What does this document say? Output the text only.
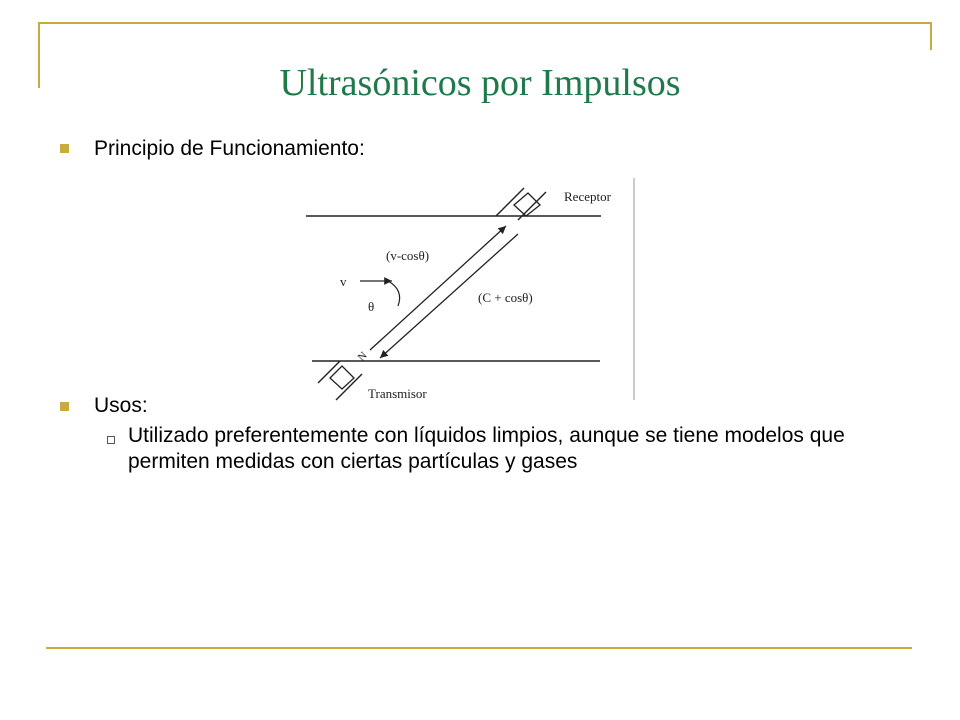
Ultrasónicos por Impulsos
Principio de Funcionamiento:
Receptor
Transmisor
(v-cosθ)
(C + cosθ)
v
θ
N
Usos:
Utilizado preferentemente con líquidos limpios, aunque se tiene modelos que permiten medidas con ciertas partículas y gases
